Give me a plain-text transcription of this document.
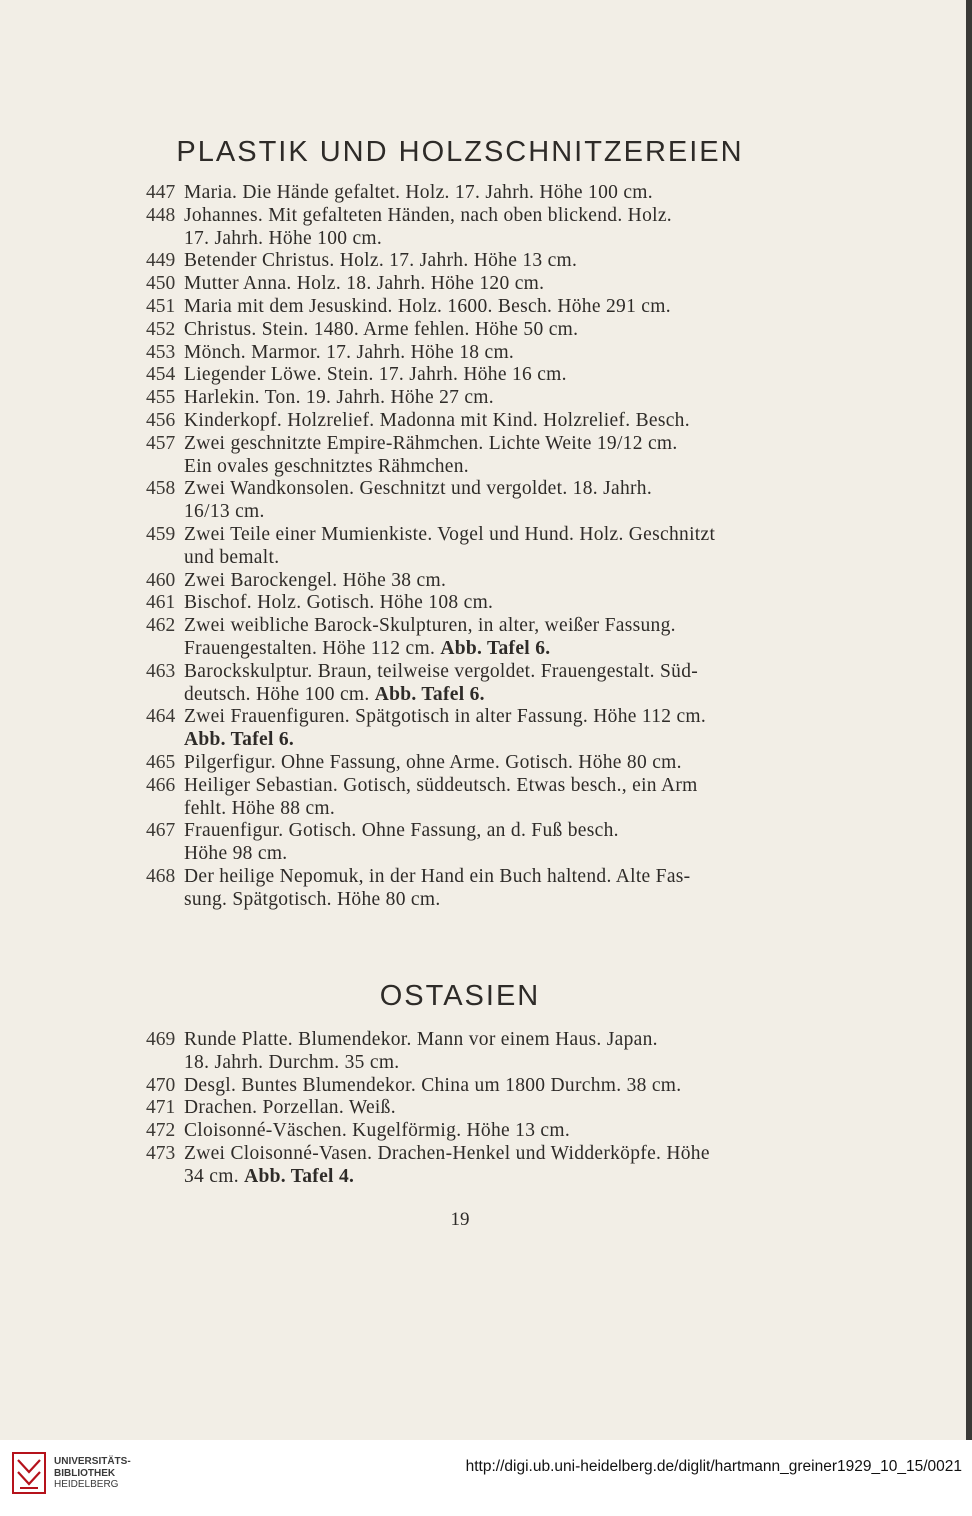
PLASTIK UND HOLZSCHNITZEREIEN
447 Maria. Die Hände gefaltet. Holz. 17. Jahrh. Höhe 100 cm.
448 Johannes. Mit gefalteten Händen, nach oben blickend. Holz.
17. Jahrh. Höhe 100 cm.
449 Betender Christus. Holz. 17. Jahrh. Höhe 13 cm.
450 Mutter Anna. Holz. 18. Jahrh. Höhe 120 cm.
451 Maria mit dem Jesuskind. Holz. 1600. Besch. Höhe 291 cm.
452 Christus. Stein. 1480. Arme fehlen. Höhe 50 cm.
453 Mönch. Marmor. 17. Jahrh. Höhe 18 cm.
454 Liegender Löwe. Stein. 17. Jahrh. Höhe 16 cm.
455 Harlekin. Ton. 19. Jahrh. Höhe 27 cm.
456 Kinderkopf. Holzrelief. Madonna mit Kind. Holzrelief. Besch.
457 Zwei geschnitzte Empire-Rähmchen. Lichte Weite 19/12 cm.
Ein ovales geschnitztes Rähmchen.
458 Zwei Wandkonsolen. Geschnitzt und vergoldet. 18. Jahrh.
16/13 cm.
459 Zwei Teile einer Mumienkiste. Vogel und Hund. Holz. Geschnitzt
und bemalt.
460 Zwei Barockengel. Höhe 38 cm.
461 Bischof. Holz. Gotisch. Höhe 108 cm.
462 Zwei weibliche Barock-Skulpturen, in alter, weißer Fassung.
Frauengestalten. Höhe 112 cm. Abb. Tafel 6.
463 Barockskulptur. Braun, teilweise vergoldet. Frauengestalt. Süd-
deutsch. Höhe 100 cm. Abb. Tafel 6.
464 Zwei Frauenfiguren. Spätgotisch in alter Fassung. Höhe 112 cm.
Abb. Tafel 6.
465 Pilgerfigur. Ohne Fassung, ohne Arme. Gotisch. Höhe 80 cm.
466 Heiliger Sebastian. Gotisch, süddeutsch. Etwas besch., ein Arm
fehlt. Höhe 88 cm.
467 Frauenfigur. Gotisch. Ohne Fassung, an d. Fuß besch.
Höhe 98 cm.
468 Der heilige Nepomuk, in der Hand ein Buch haltend. Alte Fas-
sung. Spätgotisch. Höhe 80 cm.
OSTASIEN
469 Runde Platte. Blumendekor. Mann vor einem Haus. Japan.
18. Jahrh. Durchm. 35 cm.
470 Desgl. Buntes Blumendekor. China um 1800 Durchm. 38 cm.
471 Drachen. Porzellan. Weiß.
472 Cloisonné-Väschen. Kugelförmig. Höhe 13 cm.
473 Zwei Cloisonné-Vasen. Drachen-Henkel und Widderköpfe. Höhe
34 cm. Abb. Tafel 4.
19
UNIVERSITÄTS-
BIBLIOTHEK
HEIDELBERG
http://digi.ub.uni-heidelberg.de/diglit/hartmann_greiner1929_10_15/0021
